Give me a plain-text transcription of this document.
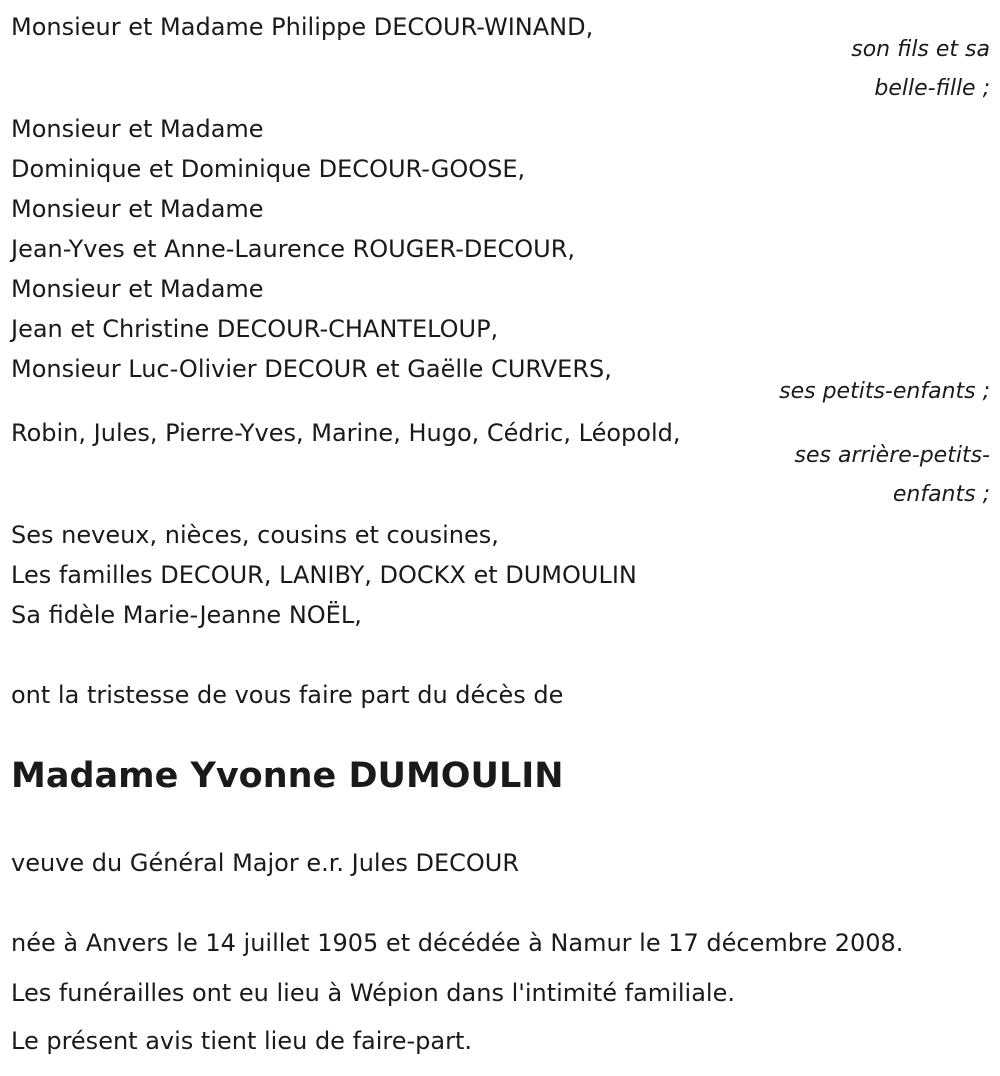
Monsieur et Madame Philippe DECOUR-WINAND,
son fils et sa
belle-fille ;
Monsieur et Madame
Dominique et Dominique DECOUR-GOOSE,
Monsieur et Madame
Jean-Yves et Anne-Laurence ROUGER-DECOUR,
Monsieur et Madame
Jean et Christine DECOUR-CHANTELOUP,
Monsieur Luc-Olivier DECOUR et Gaëlle CURVERS,
ses petits-enfants ;
Robin, Jules, Pierre-Yves, Marine, Hugo, Cédric, Léopold,
ses arrière-petits-
enfants ;
Ses neveux, nièces, cousins et cousines,
Les familles DECOUR, LANIBY, DOCKX et DUMOULIN
Sa fidèle Marie-Jeanne NOËL,
ont la tristesse de vous faire part du décès de
Madame Yvonne DUMOULIN
veuve du Général Major e.r. Jules DECOUR
née à Anvers le 14 juillet 1905 et décédée à Namur le 17 décembre 2008.
Les funérailles ont eu lieu à Wépion dans l'intimité familiale.
Le présent avis tient lieu de faire-part.
